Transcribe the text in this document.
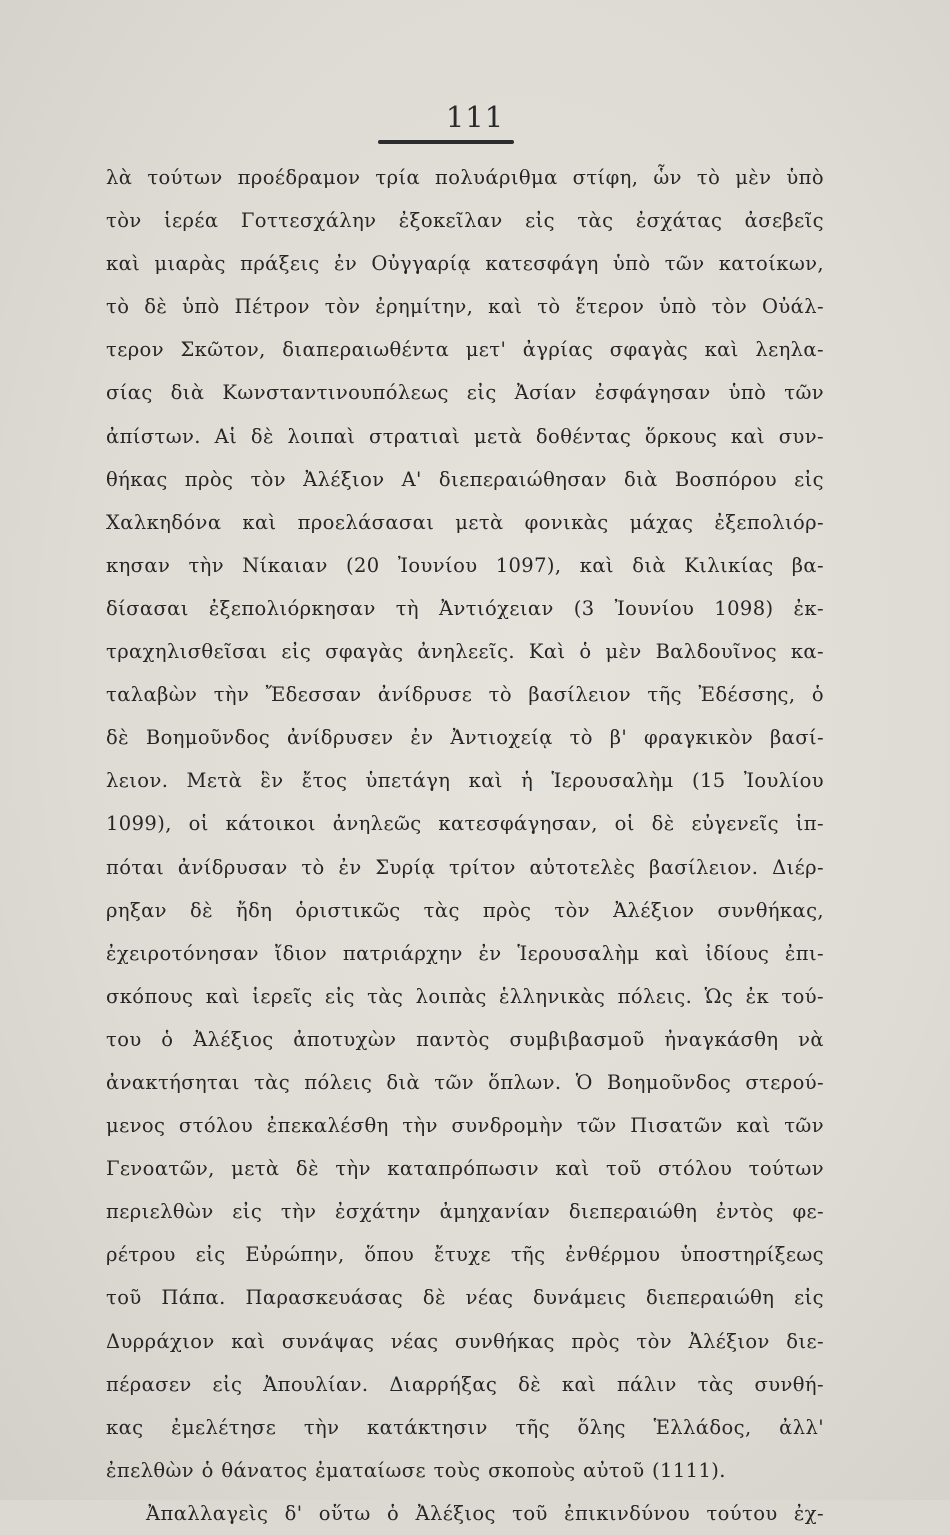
111
λὰ τούτων προέδραμον τρία πολυάριθμα στίφη, ὧν τὸ μὲν ὑπὸ
τὸν ἱερέα Γοττεσχάλην ἐξοκεῖλαν εἰς τὰς ἐσχάτας ἀσεβεῖς
καὶ μιαρὰς πράξεις ἐν Οὐγγαρίᾳ κατεσφάγη ὑπὸ τῶν κατοίκων,
τὸ δὲ ὑπὸ Πέτρον τὸν ἐρημίτην, καὶ τὸ ἕτερον ὑπὸ τὸν Οὐάλ-
τερον Σκῶτον, διαπεραιωθέντα μετ' ἀγρίας σφαγὰς καὶ λεηλα-
σίας διὰ Κωνσταντινουπόλεως εἰς Ἀσίαν ἐσφάγησαν ὑπὸ τῶν
ἀπίστων. Αἱ δὲ λοιπαὶ στρατιαὶ μετὰ δοθέντας ὅρκους καὶ συν-
θήκας πρὸς τὸν Ἀλέξιον Α' διεπεραιώθησαν διὰ Βοσπόρου εἰς
Χαλκηδόνα καὶ προελάσασαι μετὰ φονικὰς μάχας ἐξεπολιόρ-
κησαν τὴν Νίκαιαν (20 Ἰουνίου 1097), καὶ διὰ Κιλικίας βα-
δίσασαι ἐξεπολιόρκησαν τὴ Ἀντιόχειαν (3 Ἰουνίου 1098) ἐκ-
τραχηλισθεῖσαι εἰς σφαγὰς ἀνηλεεῖς. Καὶ ὁ μὲν Βαλδουῖνος κα-
ταλαβὼν τὴν Ἔδεσσαν ἀνίδρυσε τὸ βασίλειον τῆς Ἐδέσσης, ὁ
δὲ Βοημοῦνδος ἀνίδρυσεν ἐν Ἀντιοχείᾳ τὸ β' φραγκικὸν βασί-
λειον. Μετὰ ἓν ἔτος ὑπετάγη καὶ ἡ Ἱερουσαλὴμ (15 Ἰουλίου
1099), οἱ κάτοικοι ἀνηλεῶς κατεσφάγησαν, οἱ δὲ εὐγενεῖς ἱπ-
πόται ἀνίδρυσαν τὸ ἐν Συρίᾳ τρίτον αὐτοτελὲς βασίλειον. Διέρ-
ρηξαν δὲ ἤδη ὁριστικῶς τὰς πρὸς τὸν Ἀλέξιον συνθήκας,
ἐχειροτόνησαν ἴδιον πατριάρχην ἐν Ἱερουσαλὴμ καὶ ἰδίους ἐπι-
σκόπους καὶ ἱερεῖς εἰς τὰς λοιπὰς ἑλληνικὰς πόλεις. Ὡς ἐκ τού-
του ὁ Ἀλέξιος ἀποτυχὼν παντὸς συμβιβασμοῦ ἠναγκάσθη νὰ
ἀνακτήσηται τὰς πόλεις διὰ τῶν ὅπλων. Ὁ Βοημοῦνδος στερού-
μενος στόλου ἐπεκαλέσθη τὴν συνδρομὴν τῶν Πισατῶν καὶ τῶν
Γενοατῶν, μετὰ δὲ τὴν καταπρόπωσιν καὶ τοῦ στόλου τούτων
περιελθὼν εἰς τὴν ἐσχάτην ἀμηχανίαν διεπεραιώθη ἐντὸς φε-
ρέτρου εἰς Εὐρώπην, ὅπου ἔτυχε τῆς ἐνθέρμου ὑποστηρίξεως
τοῦ Πάπα. Παρασκευάσας δὲ νέας δυνάμεις διεπεραιώθη εἰς
Δυρράχιον καὶ συνάψας νέας συνθήκας πρὸς τὸν Ἀλέξιον διε-
πέρασεν εἰς Ἀπουλίαν. Διαρρήξας δὲ καὶ πάλιν τὰς συνθή-
κας ἐμελέτησε τὴν κατάκτησιν τῆς ὅλης Ἑλλάδος, ἀλλ'
ἐπελθὼν ὁ θάνατος ἐματαίωσε τοὺς σκοποὺς αὐτοῦ (1111).
Ἀπαλλαγεὶς δ' οὕτω ὁ Ἀλέξιος τοῦ ἐπικινδύνου τούτου ἐχ-
